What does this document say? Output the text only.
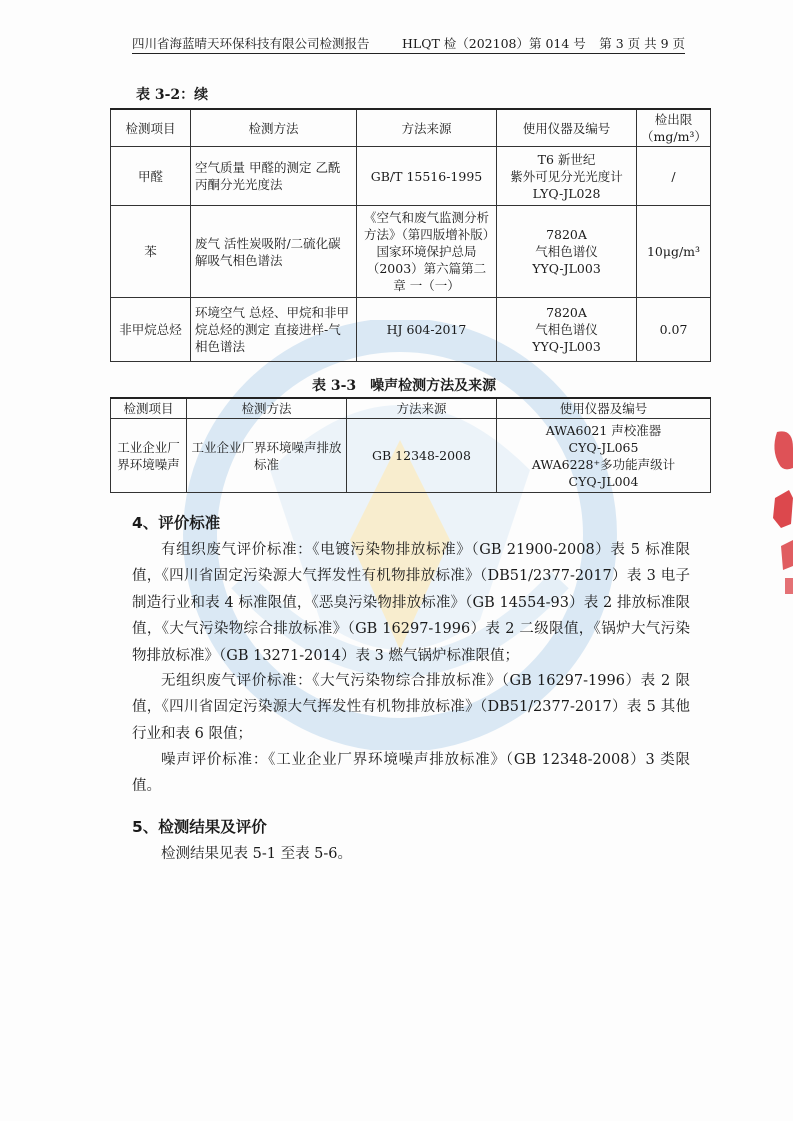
四川省海蓝晴天环保科技有限公司检测报告	HLQT 检（202108）第 014 号 第 3 页 共 9 页
表 3-2：续
检测项目	检测方法	方法来源	使用仪器及编号	检出限
（mg/m³）

甲醛	空气质量 甲醛的测定 乙酰丙酮分光光度法	GB/T 15516-1995	T6 新世纪
紫外可见分光光度计
LYQ-JL028	/
苯	废气 活性炭吸附/二硫化碳解吸气相色谱法	《空气和废气监测分析方法》（第四版增补版）国家环境保护总局（2003）第六篇第二章 一（一）	7820A
气相色谱仪
YYQ-JL003	10μg/m³
非甲烷总烃	环境空气 总烃、甲烷和非甲烷总烃的测定 直接进样-气相色谱法	HJ 604-2017	7820A
气相色谱仪
YYQ-JL003	0.07
表 3-3　噪声检测方法及来源
检测项目	检测方法	方法来源	使用仪器及编号
工业企业厂界环境噪声	工业企业厂界环境噪声排放标准	GB 12348-2008	AWA6021 声校准器
CYQ-JL065
AWA6228⁺多功能声级计
CYQ-JL004
4、评价标准
有组织废气评价标准：《电镀污染物排放标准》（GB 21900-2008）表 5 标准限值，《四川省固定污染源大气挥发性有机物排放标准》（DB51/2377-2017）表 3 电子制造行业和表 4 标准限值，《恶臭污染物排放标准》（GB 14554-93）表 2 排放标准限值，《大气污染物综合排放标准》（GB 16297-1996）表 2 二级限值，《锅炉大气污染物排放标准》（GB 13271-2014）表 3 燃气锅炉标准限值；
无组织废气评价标准：《大气污染物综合排放标准》（GB 16297-1996）表 2 限值，《四川省固定污染源大气挥发性有机物排放标准》（DB51/2377-2017）表 5 其他行业和表 6 限值；
噪声评价标准：《工业企业厂界环境噪声排放标准》（GB 12348-2008）3 类限值。
5、检测结果及评价
检测结果见表 5-1 至表 5-6。
